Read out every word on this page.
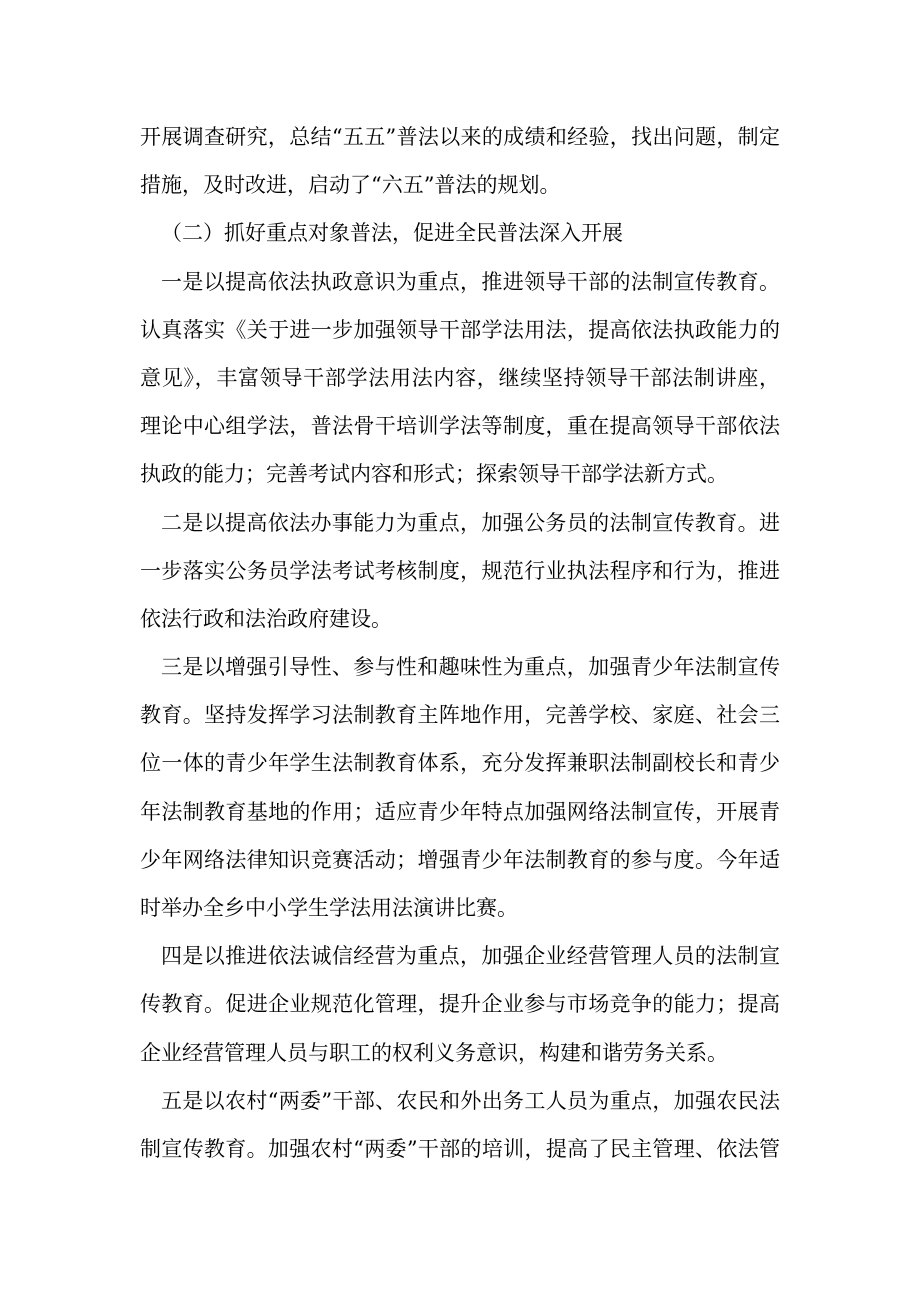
开展调查研究，总结“五五”普法以来的成绩和经验，找出问题，制定
措施，及时改进，启动了“六五”普法的规划。
（二）抓好重点对象普法，促进全民普法深入开展
一是以提高依法执政意识为重点，推进领导干部的法制宣传教育。
认真落实《关于进一步加强领导干部学法用法，提高依法执政能力的
意见》，丰富领导干部学法用法内容，继续坚持领导干部法制讲座，
理论中心组学法，普法骨干培训学法等制度，重在提高领导干部依法
执政的能力；完善考试内容和形式；探索领导干部学法新方式。
二是以提高依法办事能力为重点，加强公务员的法制宣传教育。进
一步落实公务员学法考试考核制度，规范行业执法程序和行为，推进
依法行政和法治政府建设。
三是以增强引导性、参与性和趣味性为重点，加强青少年法制宣传
教育。坚持发挥学习法制教育主阵地作用，完善学校、家庭、社会三
位一体的青少年学生法制教育体系，充分发挥兼职法制副校长和青少
年法制教育基地的作用；适应青少年特点加强网络法制宣传，开展青
少年网络法律知识竞赛活动；增强青少年法制教育的参与度。今年适
时举办全乡中小学生学法用法演讲比赛。
四是以推进依法诚信经营为重点，加强企业经营管理人员的法制宣
传教育。促进企业规范化管理，提升企业参与市场竞争的能力；提高
企业经营管理人员与职工的权利义务意识，构建和谐劳务关系。
五是以农村“两委”干部、农民和外出务工人员为重点，加强农民法
制宣传教育。加强农村“两委”干部的培训，提高了民主管理、依法管
